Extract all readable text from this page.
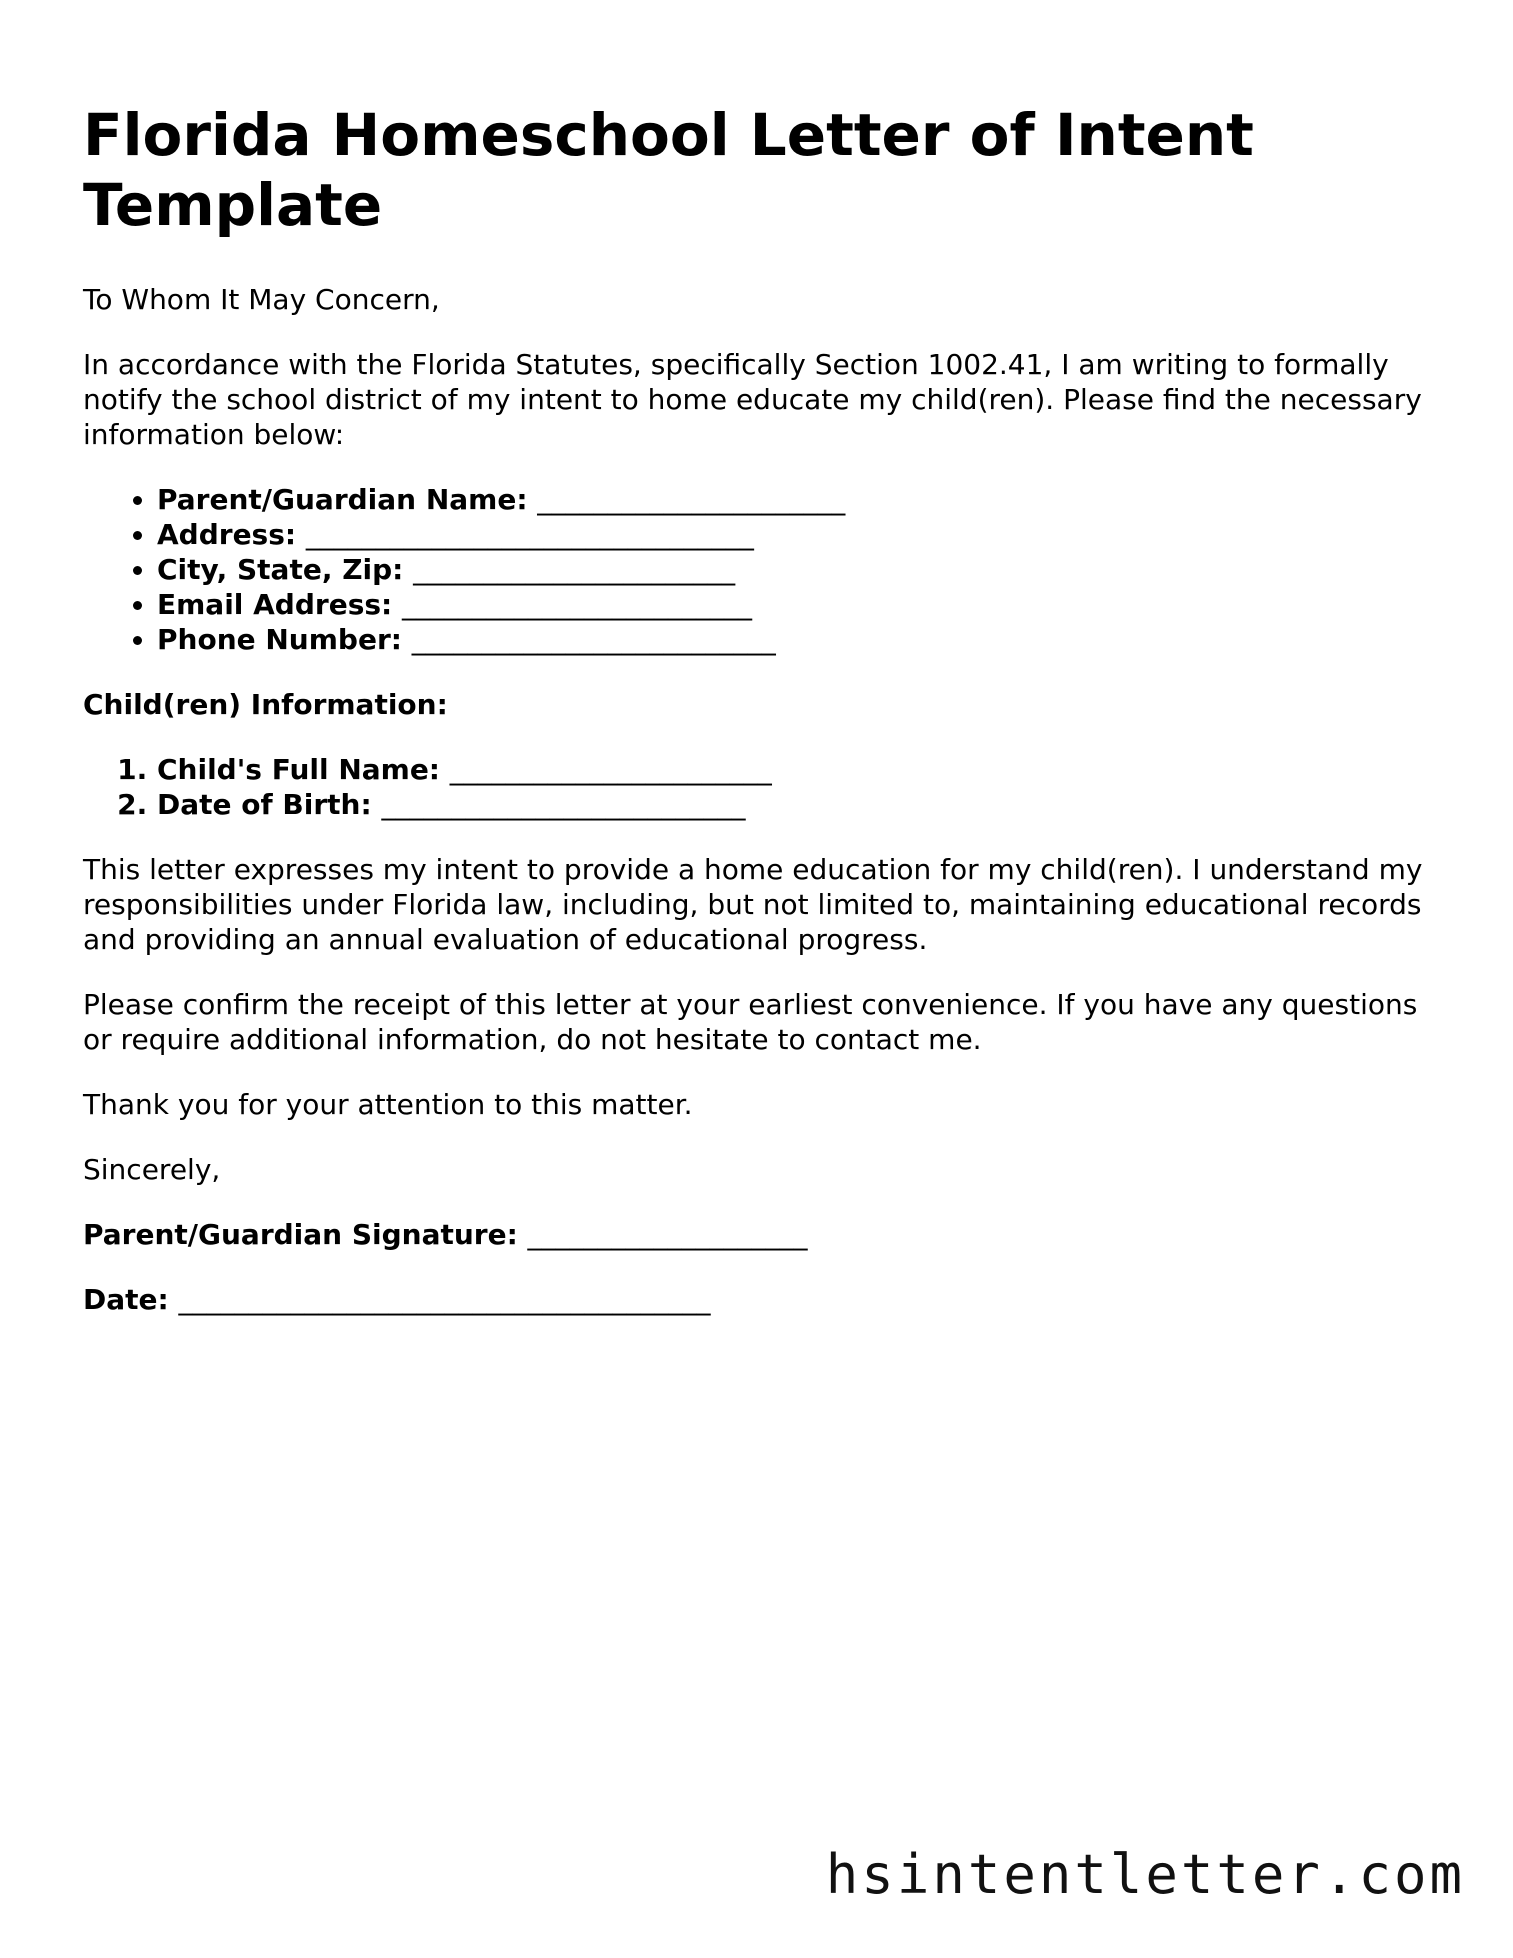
Florida Homeschool Letter of Intent Template

To Whom It May Concern,

In accordance with the Florida Statutes, specifically Section 1002.41, I am writing to formally notify the school district of my intent to home educate my child(ren). Please find the necessary information below:

• Parent/Guardian Name: ______________________
• Address: ________________________________
• City, State, Zip: _______________________
• Email Address: _________________________
• Phone Number: __________________________

Child(ren) Information:

1. Child's Full Name: _______________________
2. Date of Birth: __________________________

This letter expresses my intent to provide a home education for my child(ren). I understand my responsibilities under Florida law, including, but not limited to, maintaining educational records and providing an annual evaluation of educational progress.

Please confirm the receipt of this letter at your earliest convenience. If you have any questions or require additional information, do not hesitate to contact me.

Thank you for your attention to this matter.

Sincerely,

Parent/Guardian Signature: ____________________

Date: ______________________________________

hsintentletter.com
